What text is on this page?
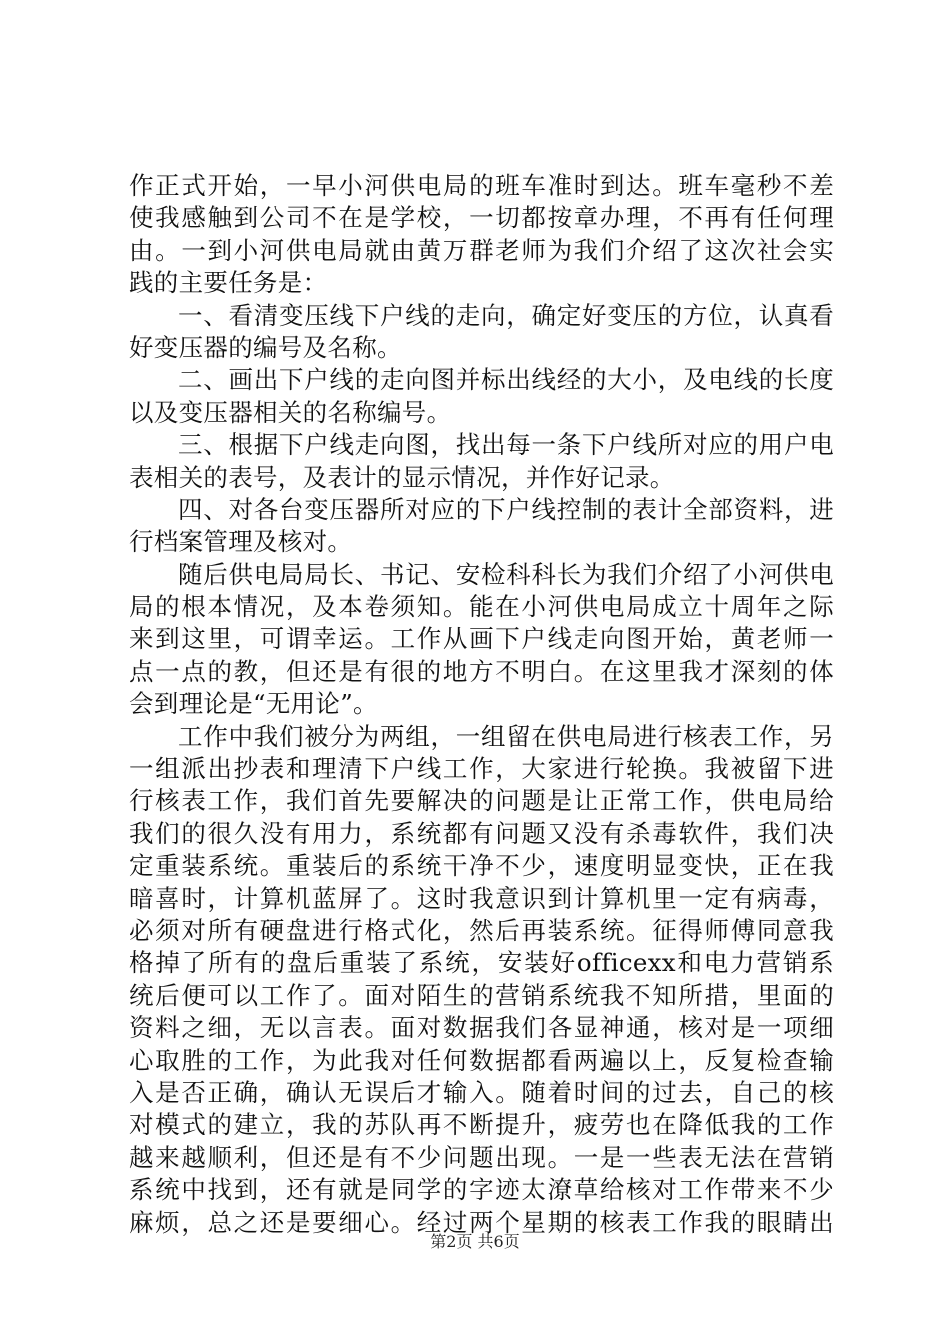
作正式开始，一早小河供电局的班车准时到达。班车毫秒不差
使我感触到公司不在是学校，一切都按章办理，不再有任何理
由。一到小河供电局就由黄万群老师为我们介绍了这次社会实
践的主要任务是：
一、看清变压线下户线的走向，确定好变压的方位，认真看
好变压器的编号及名称。
二、画出下户线的走向图并标出线经的大小，及电线的长度
以及变压器相关的名称编号。
三、根据下户线走向图，找出每一条下户线所对应的用户电
表相关的表号，及表计的显示情况，并作好记录。
四、对各台变压器所对应的下户线控制的表计全部资料，进
行档案管理及核对。
随后供电局局长、书记、安检科科长为我们介绍了小河供电
局的根本情况，及本卷须知。能在小河供电局成立十周年之际
来到这里，可谓幸运。工作从画下户线走向图开始，黄老师一
点一点的教，但还是有很的地方不明白。在这里我才深刻的体
会到理论是“无用论”。
工作中我们被分为两组，一组留在供电局进行核表工作，另
一组派出抄表和理清下户线工作，大家进行轮换。我被留下进
行核表工作，我们首先要解决的问题是让正常工作，供电局给
我们的很久没有用力，系统都有问题又没有杀毒软件，我们决
定重装系统。重装后的系统干净不少，速度明显变快，正在我
暗喜时，计算机蓝屏了。这时我意识到计算机里一定有病毒，
必须对所有硬盘进行格式化，然后再装系统。征得师傅同意我
格掉了所有的盘后重装了系统，安装好officexx和电力营销系
统后便可以工作了。面对陌生的营销系统我不知所措，里面的
资料之细，无以言表。面对数据我们各显神通，核对是一项细
心取胜的工作，为此我对任何数据都看两遍以上，反复检查输
入是否正确，确认无误后才输入。随着时间的过去，自己的核
对模式的建立，我的苏队再不断提升，疲劳也在降低我的工作
越来越顺利，但还是有不少问题出现。一是一些表无法在营销
系统中找到，还有就是同学的字迹太潦草给核对工作带来不少
麻烦，总之还是要细心。经过两个星期的核表工作我的眼睛出
第2页 共6页
